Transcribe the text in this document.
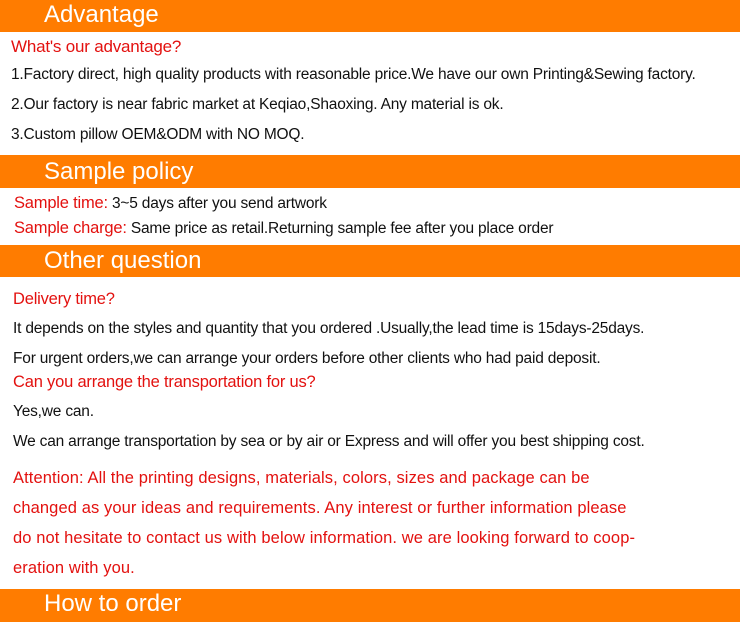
Advantage
What's our advantage?
1.Factory direct, high quality products with reasonable price.We have our own Printing&Sewing factory.
2.Our factory is near fabric market at Keqiao,Shaoxing. Any material is ok.
3.Custom pillow OEM&ODM with NO MOQ.
Sample policy
Sample time: 3~5 days after you send artwork
Sample charge: Same price as retail.Returning sample fee after you place order
Other question
Delivery time?
It depends on the styles and quantity that you ordered .Usually,the lead time is 15days-25days.
For urgent orders,we can arrange your orders before other clients who had paid deposit.
Can you arrange the transportation for us?
Yes,we can.
We can arrange transportation by sea or by air or Express and will offer you best shipping cost.
Attention: All the printing designs, materials, colors, sizes and package can be
changed as your ideas and requirements. Any interest or further information please
do not hesitate to contact us with below information. we are looking forward to coop-
eration with you.
How to order
